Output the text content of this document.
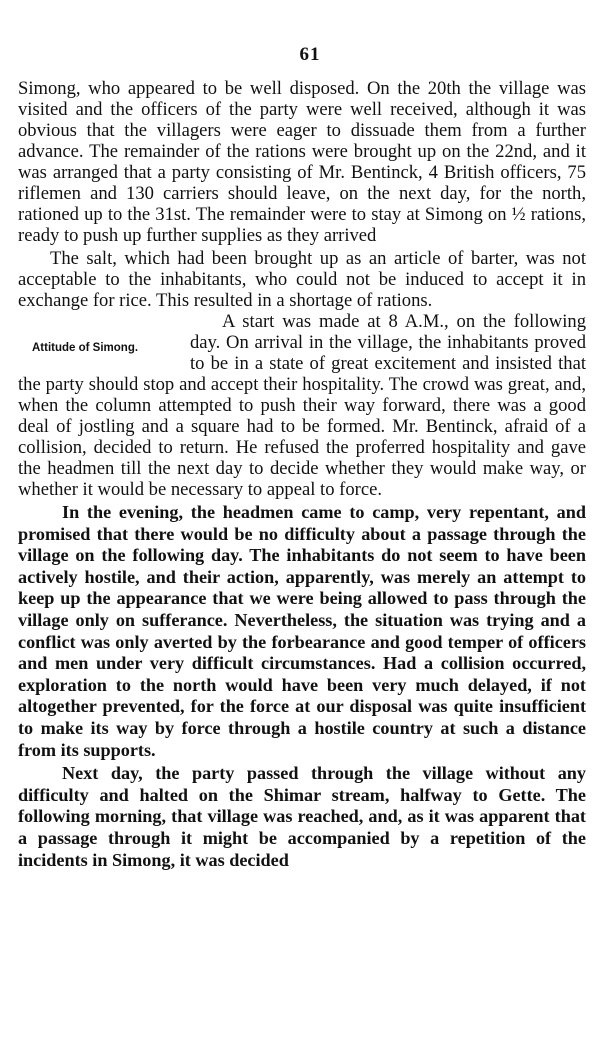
61

Simong, who appeared to be well disposed. On the 20th the village was visited and the officers of the party were well received, although it was obvious that the villagers were eager to dissuade them from a further advance. The remainder of the rations were brought up on the 22nd, and it was arranged that a party consisting of Mr. Bentinck, 4 British officers, 75 riflemen and 130 carriers should leave, on the next day, for the north, rationed up to the 31st. The remainder were to stay at Simong on ½ rations, ready to push up further supplies as they arrived

The salt, which had been brought up as an article of barter, was not acceptable to the inhabitants, who could not be induced to accept it in exchange for rice. This resulted in a shortage of rations.

Attitude of Simong.

A start was made at 8 A.M., on the following day. On arrival in the village, the inhabitants proved to be in a state of great excitement and insisted that the party should stop and accept their hospitality. The crowd was great, and, when the column attempted to push their way forward, there was a good deal of jostling and a square had to be formed. Mr. Bentinck, afraid of a collision, decided to return. He refused the proferred hospitality and gave the headmen till the next day to decide whether they would make way, or whether it would be necessary to appeal to force.

In the evening, the headmen came to camp, very repentant, and promised that there would be no difficulty about a passage through the village on the following day. The inhabitants do not seem to have been actively hostile, and their action, apparently, was merely an attempt to keep up the appearance that we were being allowed to pass through the village only on sufferance. Nevertheless, the situation was trying and a conflict was only averted by the forbearance and good temper of officers and men under very difficult circumstances. Had a collision occurred, exploration to the north would have been very much delayed, if not altogether prevented, for the force at our disposal was quite insufficient to make its way by force through a hostile country at such a distance from its supports.

Next day, the party passed through the village without any difficulty and halted on the Shimar stream, halfway to Gette. The following morning, that village was reached, and, as it was apparent that a passage through it might be accompanied by a repetition of the incidents in Simong, it was decided
